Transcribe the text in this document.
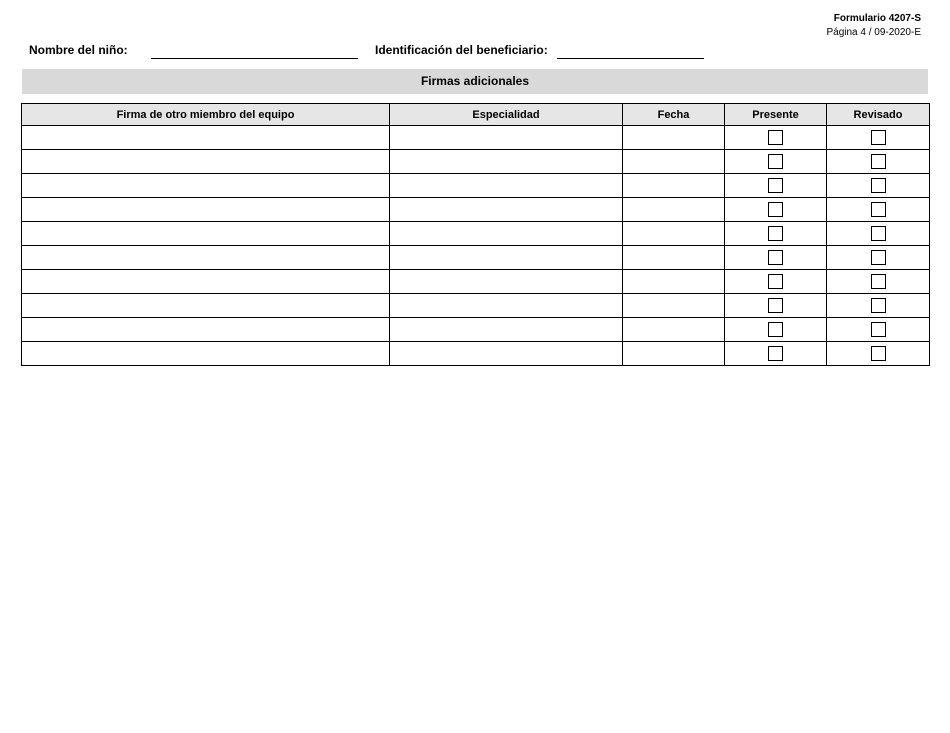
Formulario 4207-S
Página 4 / 09-2020-E
Nombre del niño:	Identificación del beneficiario:
Firmas adicionales
Firma de otro miembro del equipo	Especialidad	Fecha	Presente	Revisado
